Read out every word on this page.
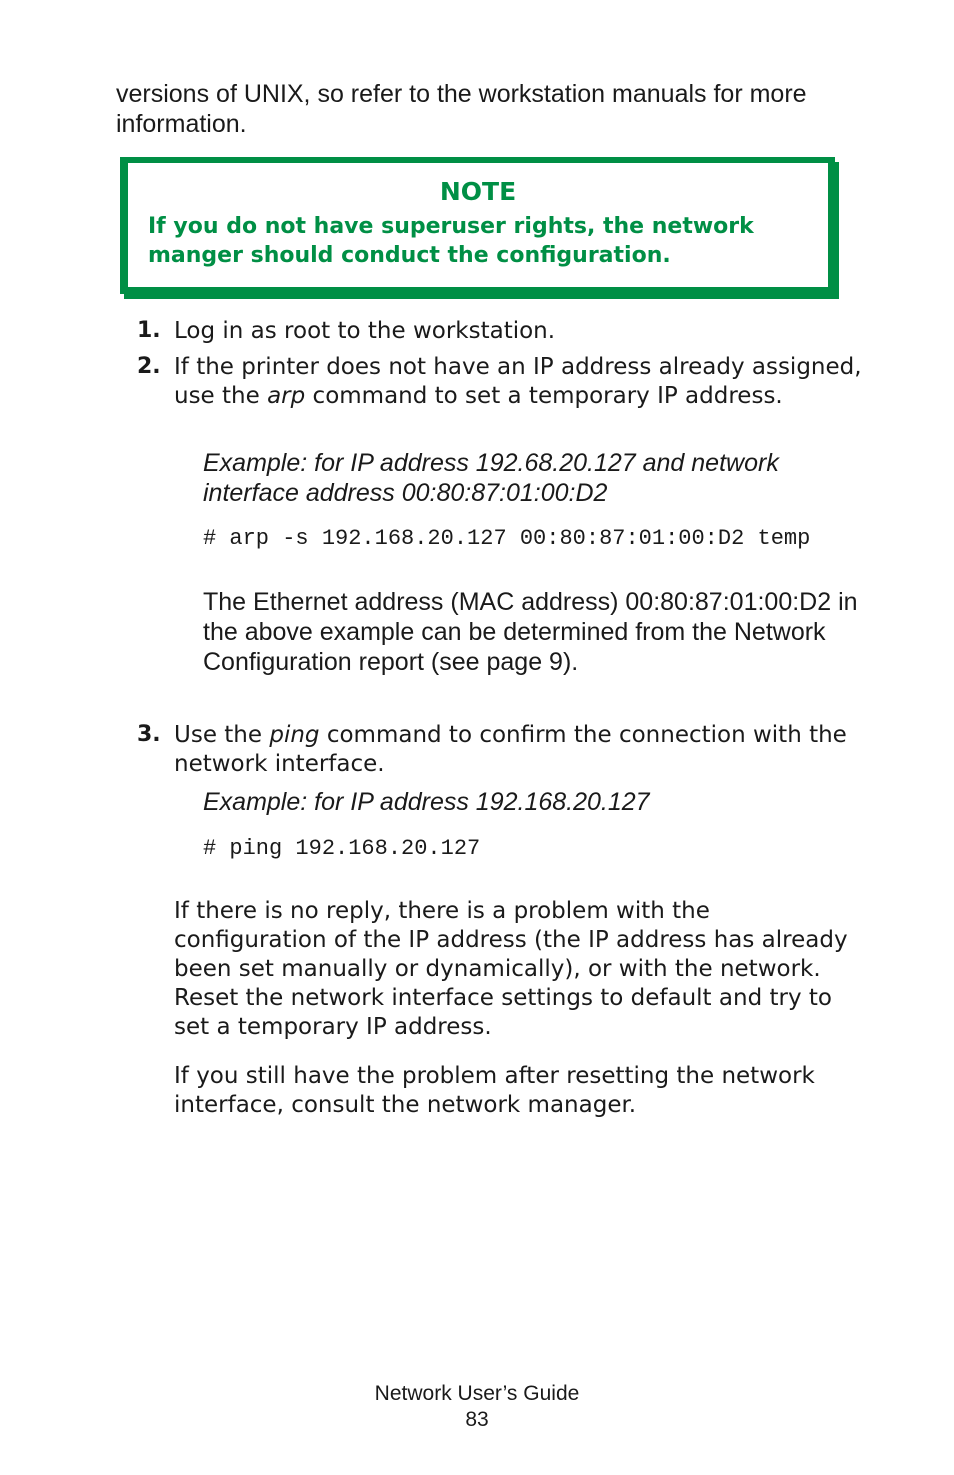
versions of UNIX, so refer to the workstation manuals for more information.
NOTE
If you do not have superuser rights, the network manger should conduct the configuration.
1. Log in as root to the workstation.
2. If the printer does not have an IP address already assigned, use the arp command to set a temporary IP address.
Example: for IP address 192.68.20.127 and network interface address 00:80:87:01:00:D2
# arp -s 192.168.20.127 00:80:87:01:00:D2 temp
The Ethernet address (MAC address) 00:80:87:01:00:D2 in the above example can be determined from the Network Configuration report (see page 9).
3. Use the ping command to confirm the connection with the network interface.
Example: for IP address 192.168.20.127
# ping 192.168.20.127
If there is no reply, there is a problem with the configuration of the IP address (the IP address has already been set manually or dynamically), or with the network. Reset the network interface settings to default and try to set a temporary IP address.
If you still have the problem after resetting the network interface, consult the network manager.
Network User’s Guide
83
